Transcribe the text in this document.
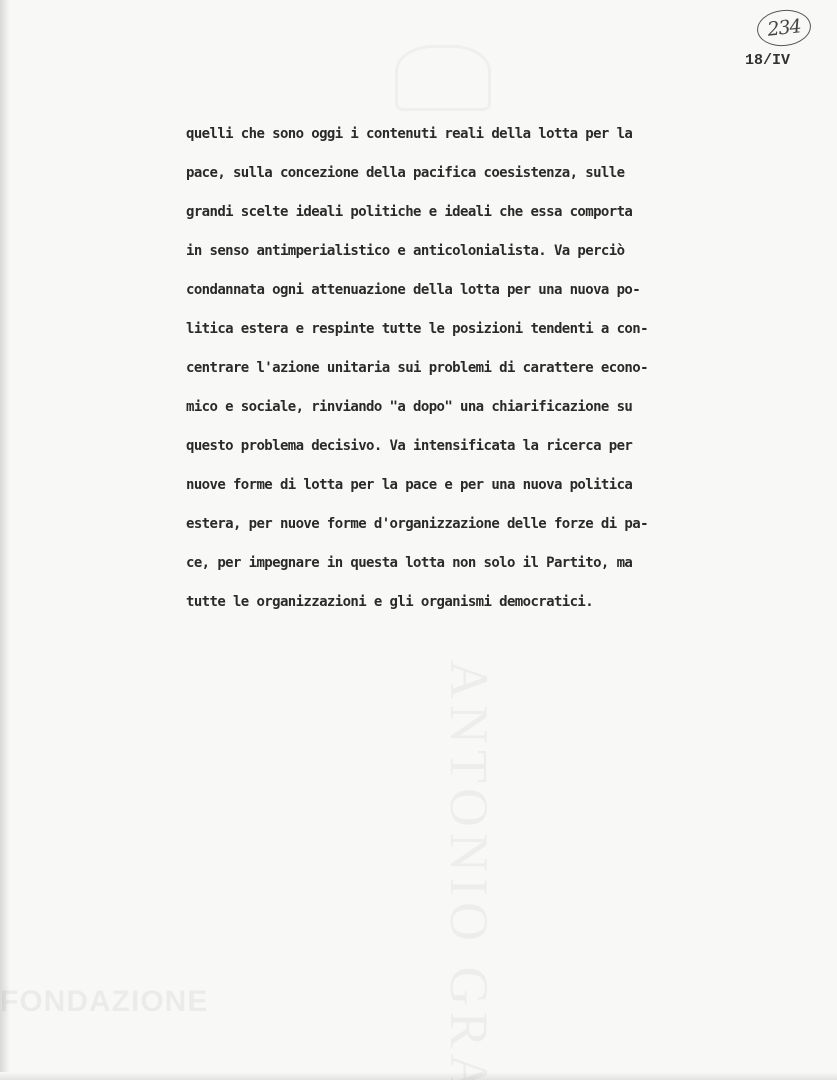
FONDAZIONE
234
18/IV
quelli che sono oggi i contenuti reali della lotta per la
pace, sulla concezione della pacifica coesistenza, sulle
grandi scelte ideali politiche e ideali che essa comporta
in senso antimperialistico e anticolonialista. Va perciò
condannata ogni attenuazione della lotta per una nuova po-
litica estera e respinte tutte le posizioni tendenti a con-
centrare l'azione unitaria sui problemi di carattere econo-
mico e sociale, rinviando "a dopo" una chiarificazione su
questo problema decisivo. Va intensificata la ricerca per
nuove forme di lotta per la pace e per una nuova politica
estera, per nuove forme d'organizzazione delle forze di pa-
ce, per impegnare in questa lotta non solo il Partito, ma
tutte le organizzazioni e gli organismi democratici.
